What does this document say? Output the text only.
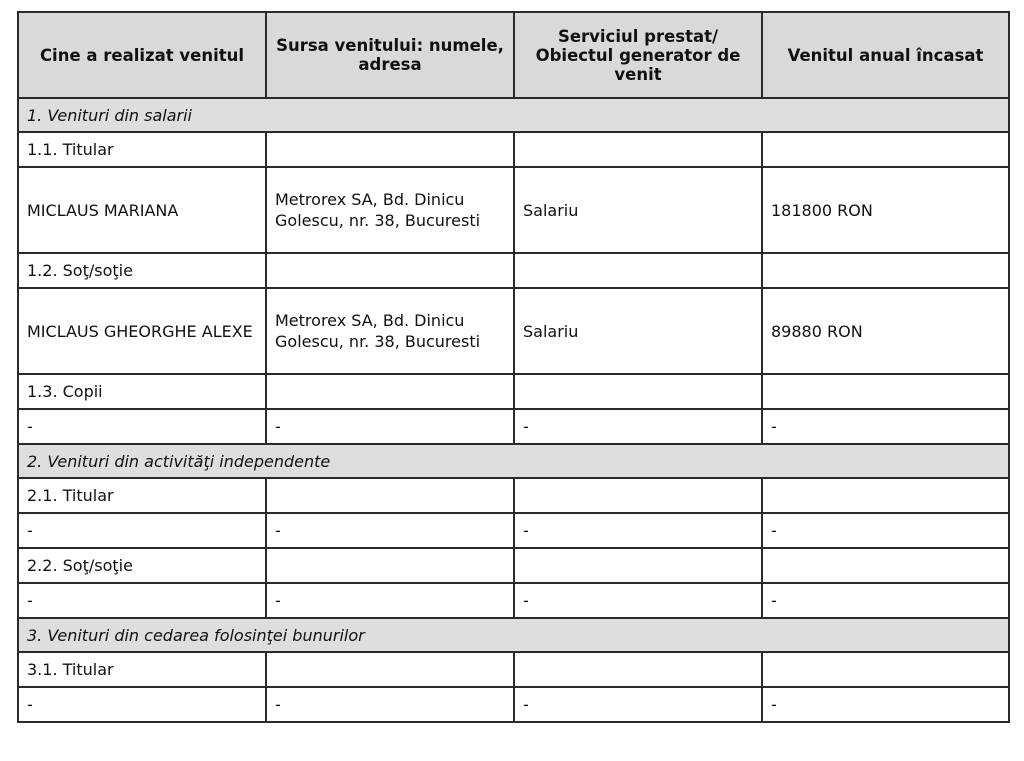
Cine a realizat venitul	Sursa venitului: numele, adresa	Serviciul prestat/ Obiectul generator de venit	Venitul anual încasat
1. Venituri din salarii			
1.1. Titular			
MICLAUS MARIANA	Metrorex SA, Bd. Dinicu Golescu, nr. 38, Bucuresti	Salariu	181800 RON
1.2. Soţ/soţie			
MICLAUS GHEORGHE ALEXE	Metrorex SA, Bd. Dinicu Golescu, nr. 38, Bucuresti	Salariu	89880 RON
1.3. Copii			
-	-	-	-
2. Venituri din activităţi independente			
2.1. Titular			
-	-	-	-
2.2. Soţ/soţie			
-	-	-	-
3. Venituri din cedarea folosinţei bunurilor			
3.1. Titular			
-	-	-	-
